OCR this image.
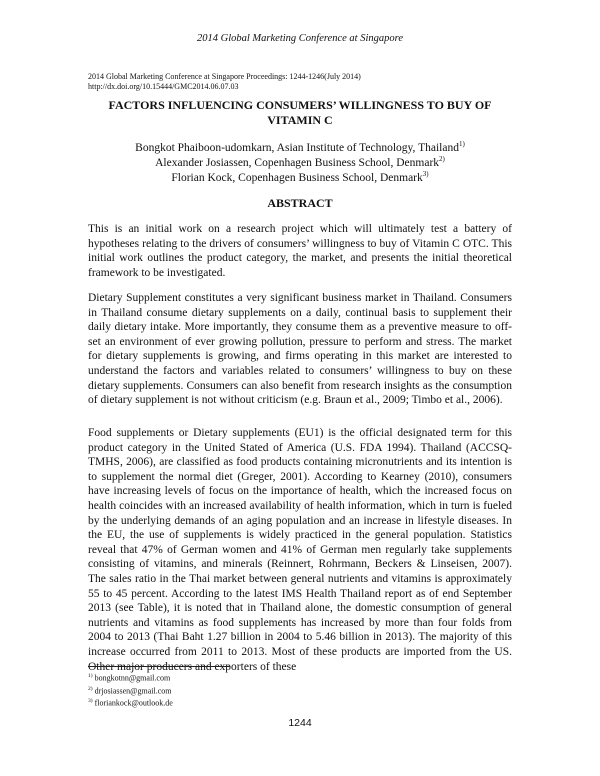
2014 Global Marketing Conference at Singapore
2014 Global Marketing Conference at Singapore Proceedings: 1244-1246(July 2014)
http://dx.doi.org/10.15444/GMC2014.06.07.03
FACTORS INFLUENCING CONSUMERS’ WILLINGNESS TO BUY OF VITAMIN C
Bongkot Phaiboon-udomkarn, Asian Institute of Technology, Thailand$^{1)}$
Alexander Josiassen, Copenhagen Business School, Denmark$^{2)}$
Florian Kock, Copenhagen Business School, Denmark$^{3)}$
ABSTRACT

This is an initial work on a research project which will ultimately test a battery of hypotheses relating to the drivers of consumers’ willingness to buy of Vitamin C OTC. This initial work outlines the product category, the market, and presents the initial theoretical framework to be investigated.

Dietary Supplement constitutes a very significant business market in Thailand. Consumers in Thailand consume dietary supplements on a daily, continual basis to supplement their daily dietary intake. More importantly, they consume them as a preventive measure to off-set an environment of ever growing pollution, pressure to perform and stress. The market for dietary supplements is growing, and firms operating in this market are interested to understand the factors and variables related to consumers’ willingness to buy on these dietary supplements. Consumers can also benefit from research insights as the consumption of dietary supplement is not without criticism (e.g. Braun et al., 2009; Timbo et al., 2006).

Food supplements or Dietary supplements (EU1) is the official designated term for this product category in the United Stated of America (U.S. FDA 1994). Thailand (ACCSQ-TMHS, 2006), are classified as food products containing micronutrients and its intention is to supplement the normal diet (Greger, 2001). According to Kearney (2010), consumers have increasing levels of focus on the importance of health, which the increased focus on health coincides with an increased availability of health information, which in turn is fueled by the underlying demands of an aging population and an increase in lifestyle diseases. In the EU, the use of supplements is widely practiced in the general population. Statistics reveal that 47% of German women and 41% of German men regularly take supplements consisting of vitamins, and minerals (Reinnert, Rohrmann, Beckers & Linseisen, 2007). The sales ratio in the Thai market between general nutrients and vitamins is approximately 55 to 45 percent. According to the latest IMS Health Thailand report as of end September 2013 (see Table), it is noted that in Thailand alone, the domestic consumption of general nutrients and vitamins as food supplements has increased by more than four folds from 2004 to 2013 (Thai Baht 1.27 billion in 2004 to 5.46 billion in 2013). The majority of this increase occurred from 2011 to 2013. Most of these products are imported from the US. Other major producers and exporters of these

$^{1)}$ bongkotnn@gmail.com
$^{2)}$ drjosiassen@gmail.com
$^{3)}$ floriankock@outlook.de
1244
